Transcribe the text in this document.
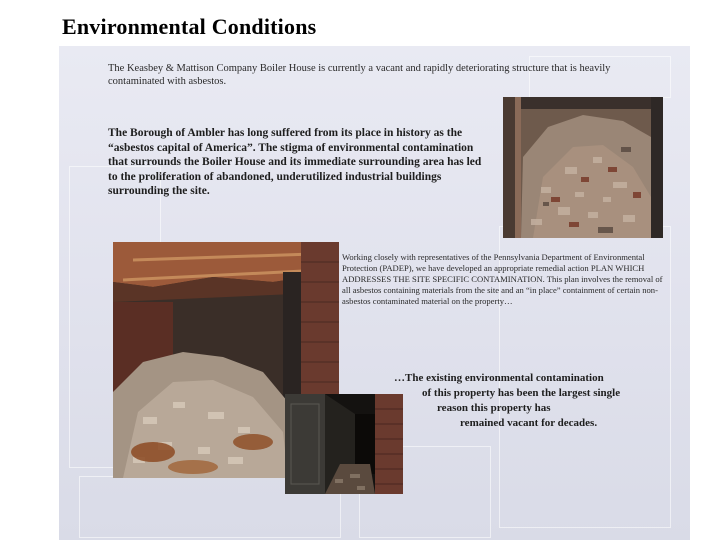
Environmental Conditions

The Keasbey & Mattison Company Boiler House is currently a vacant and rapidly deteriorating structure that is heavily contaminated with asbestos.

The Borough of Ambler has long suffered from its place in history as the “asbestos capital of America”. The stigma of environmental contamination that surrounds the Boiler House and its immediate surrounding area has led to the proliferation of abandoned, underutilized industrial buildings surrounding the site.

Working closely with representatives of the Pennsylvania Department of Environmental Protection (PADEP), we have developed an appropriate remedial action PLAN WHICH ADDRESSES THE SITE SPECIFIC CONTAMINATION. This plan involves the removal of all asbestos containing materials from the site and an “in place” containment of certain non-asbestos contaminated material on the property…

…The existing environmental contamination
of this property has been the largest single
reason this property has
remained vacant for decades.
